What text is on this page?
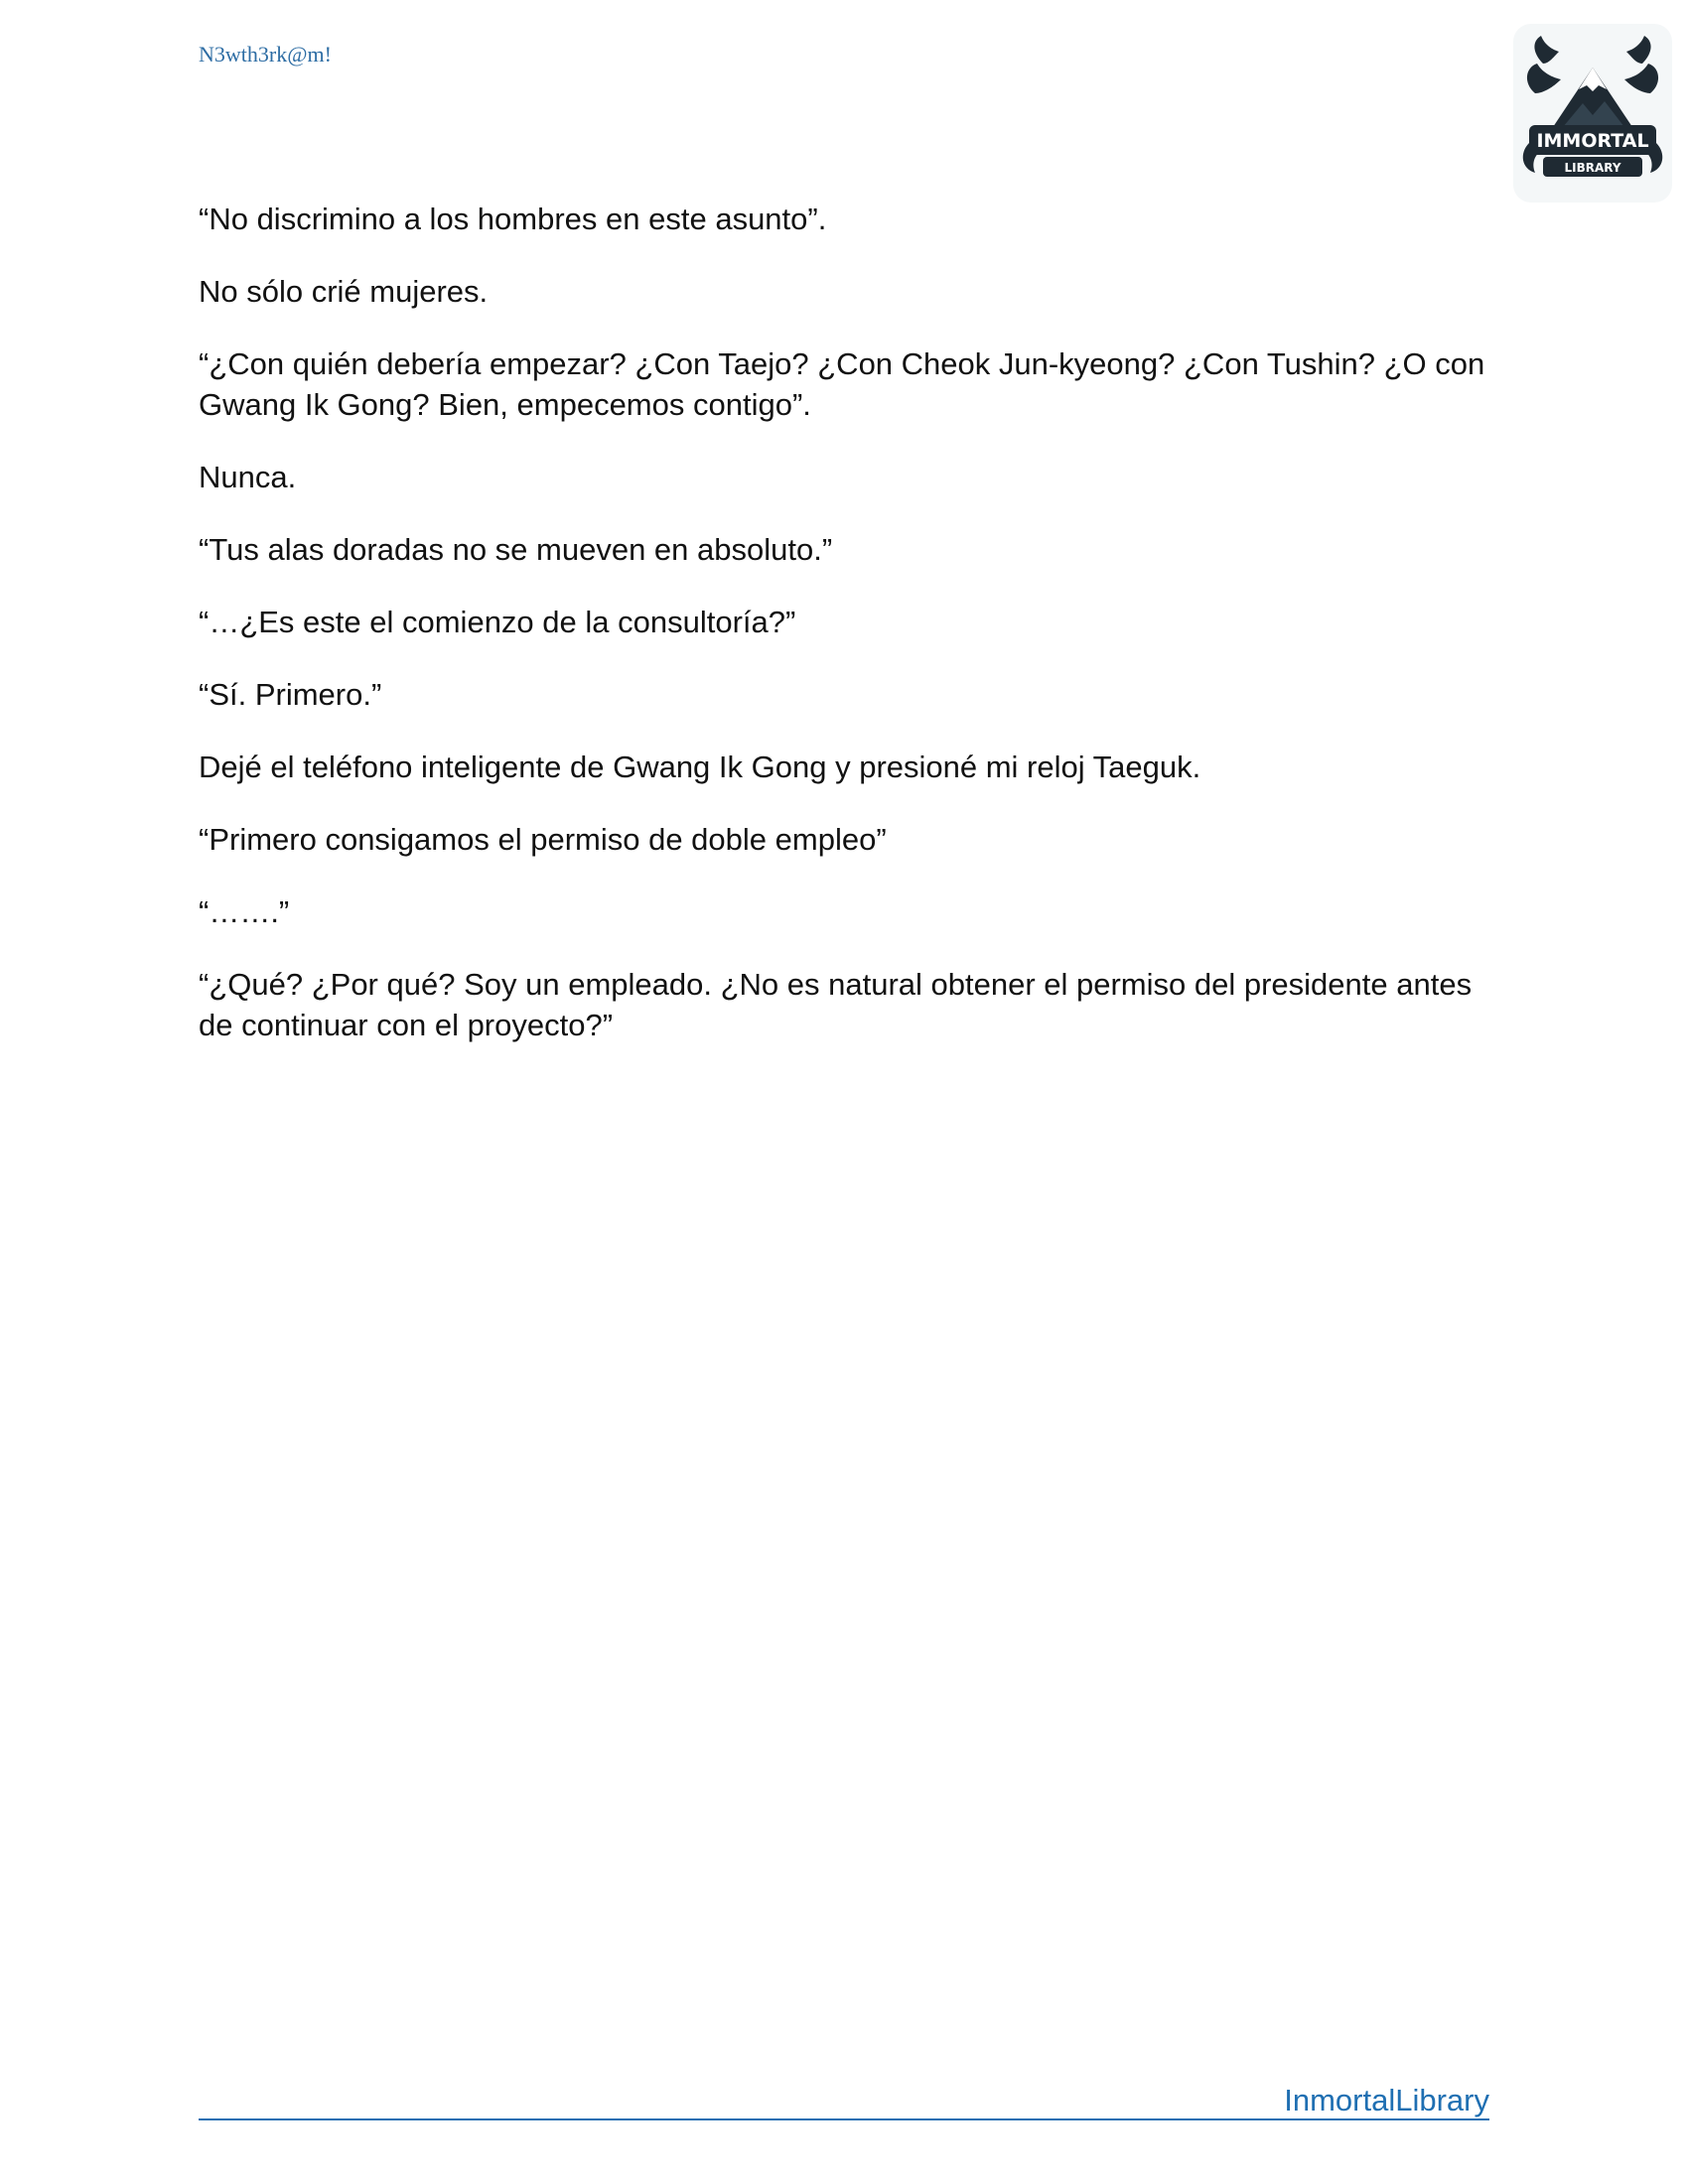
N3wth3rk@m!
IMMORTAL
LIBRARY

“No discrimino a los hombres en este asunto”.

No sólo crié mujeres.

“¿Con quién debería empezar? ¿Con Taejo? ¿Con Cheok Jun-kyeong? ¿Con Tushin? ¿O con Gwang Ik Gong? Bien, empecemos contigo”.

Nunca.

“Tus alas doradas no se mueven en absoluto.”

“…¿Es este el comienzo de la consultoría?”

“Sí. Primero.”

Dejé el teléfono inteligente de Gwang Ik Gong y presioné mi reloj Taeguk.

“Primero consigamos el permiso de doble empleo”

“…….”

“¿Qué? ¿Por qué? Soy un empleado. ¿No es natural obtener el permiso del presidente antes de continuar con el proyecto?”

InmortalLibrary
